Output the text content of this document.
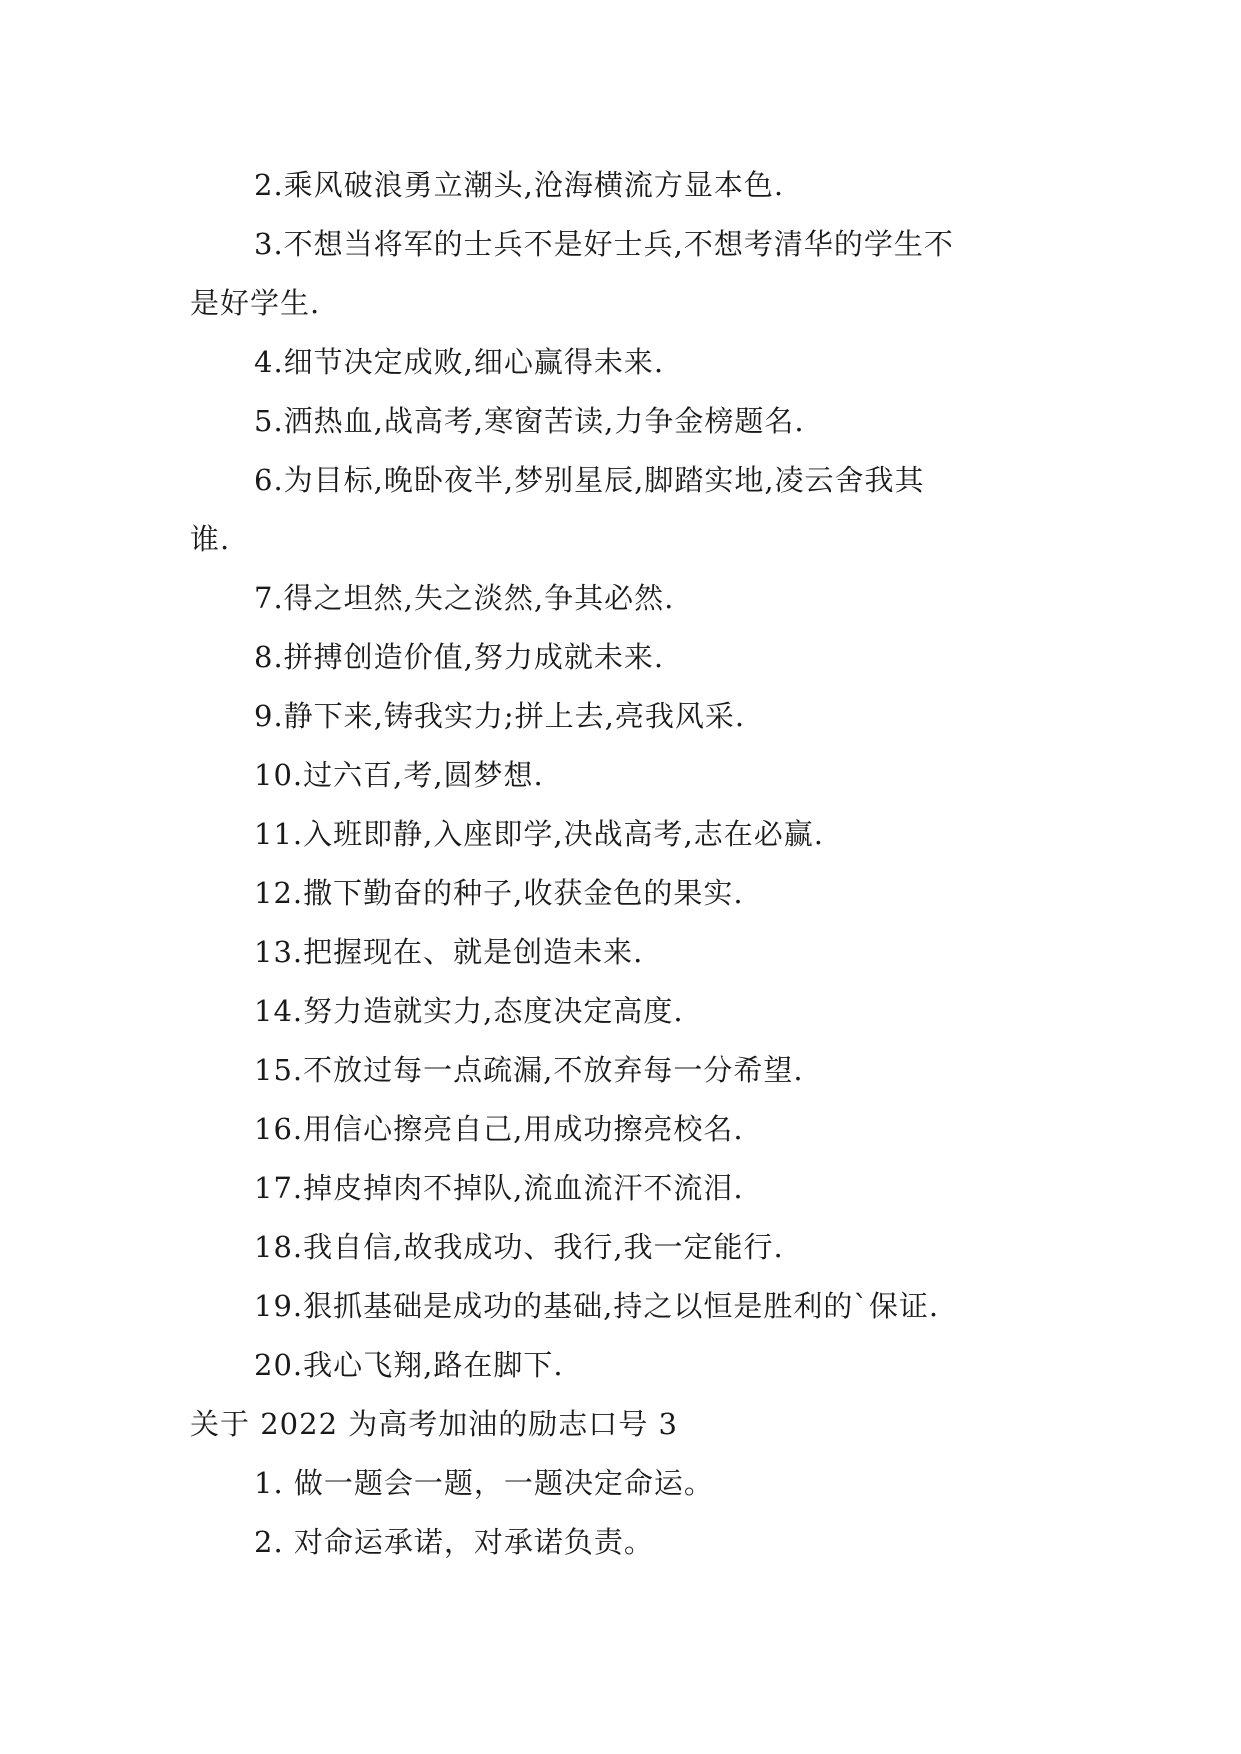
2.乘风破浪勇立潮头,沧海横流方显本色.
3.不想当将军的士兵不是好士兵,不想考清华的学生不
是好学生.
4.细节决定成败,细心赢得未来.
5.洒热血,战高考,寒窗苦读,力争金榜题名.
6.为目标,晚卧夜半,梦别星辰,脚踏实地,凌云舍我其
谁.
7.得之坦然,失之淡然,争其必然.
8.拼搏创造价值,努力成就未来.
9.静下来,铸我实力;拼上去,亮我风采.
10.过六百,考,圆梦想.
11.入班即静,入座即学,决战高考,志在必赢.
12.撒下勤奋的种子,收获金色的果实.
13.把握现在、就是创造未来.
14.努力造就实力,态度决定高度.
15.不放过每一点疏漏,不放弃每一分希望.
16.用信心擦亮自己,用成功擦亮校名.
17.掉皮掉肉不掉队,流血流汗不流泪.
18.我自信,故我成功、我行,我一定能行.
19.狠抓基础是成功的基础,持之以恒是胜利的`保证.
20.我心飞翔,路在脚下.
关于 2022 为高考加油的励志口号 3
1. 做一题会一题，一题决定命运。
2. 对命运承诺，对承诺负责。
